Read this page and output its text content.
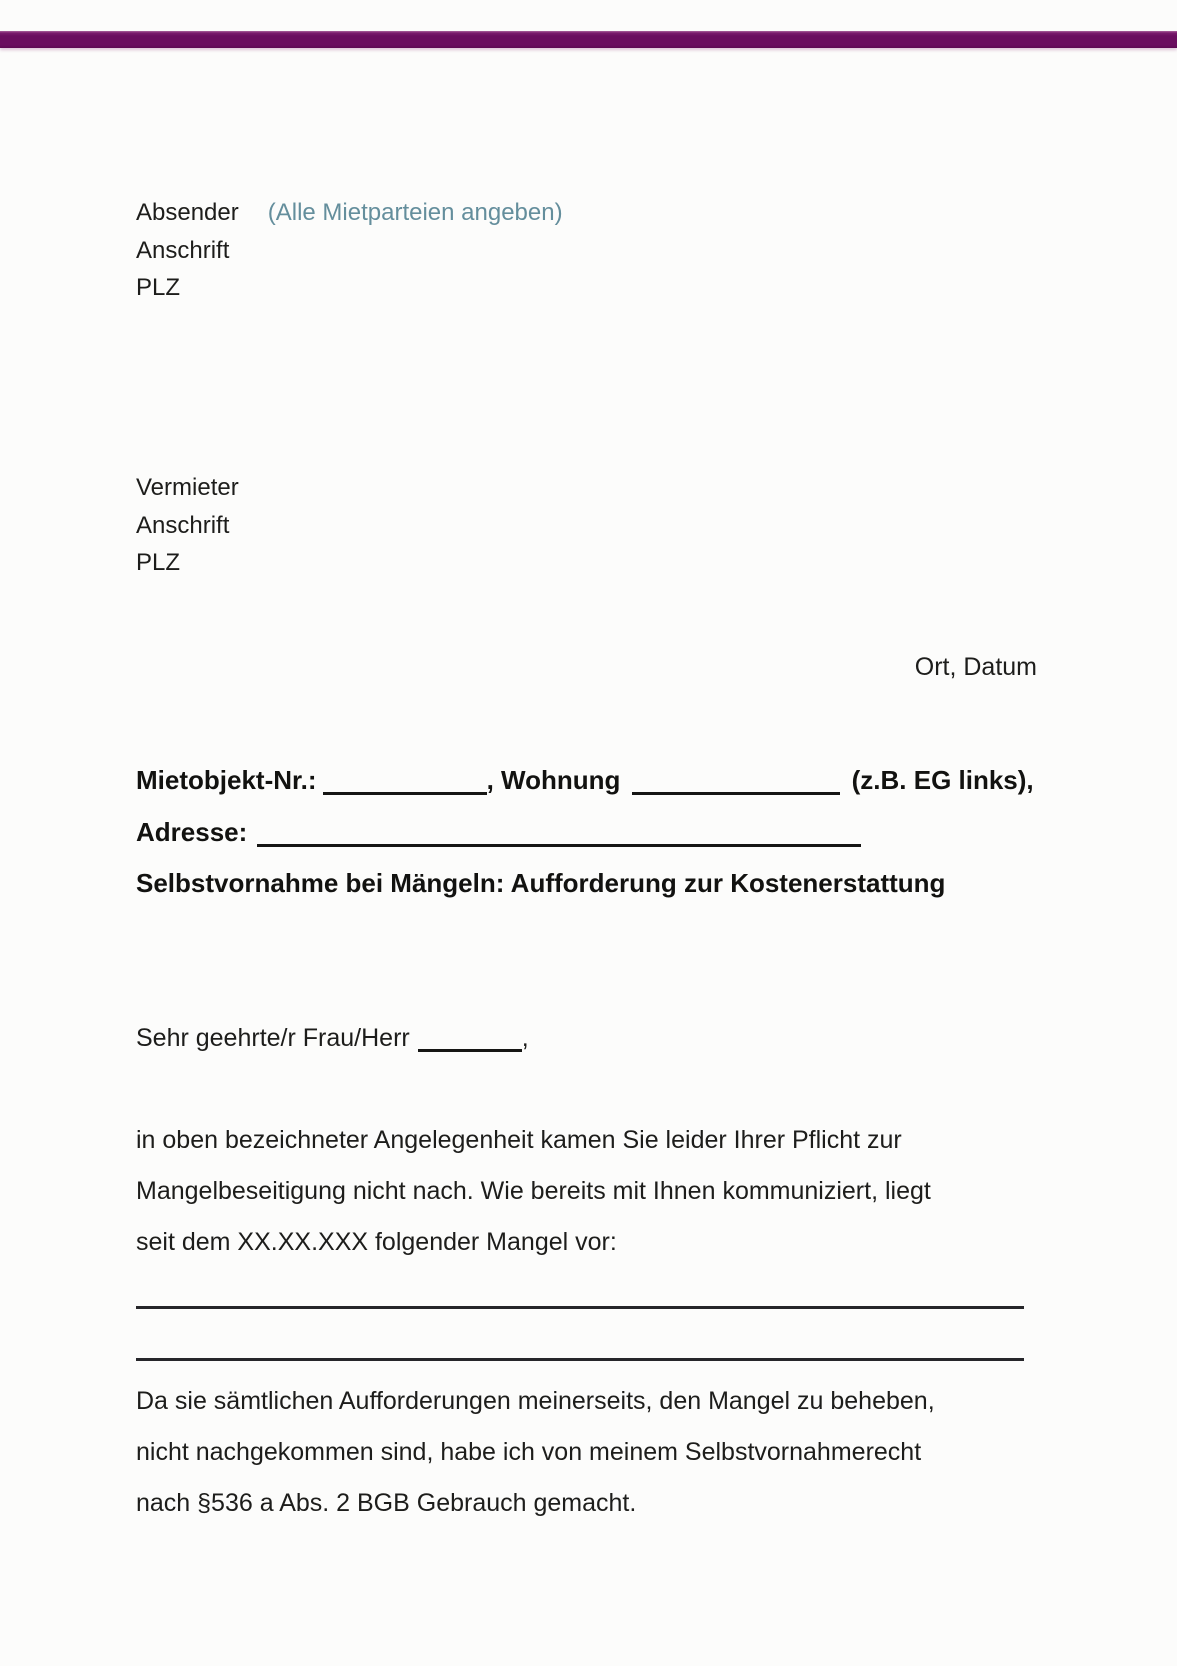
Absender (Alle Mietparteien angeben)
Anschrift
PLZ
Vermieter
Anschrift
PLZ
Ort, Datum
Mietobjekt-Nr.:	, Wohnung	(z.B. EG links),
Adresse:
Selbstvornahme bei Mängeln: Aufforderung zur Kostenerstattung
Sehr geehrte/r Frau/Herr	,
in oben bezeichneter Angelegenheit kamen Sie leider Ihrer Pflicht zur
Mangelbeseitigung nicht nach. Wie bereits mit Ihnen kommuniziert, liegt
seit dem XX.XX.XXX folgender Mangel vor:
Da sie sämtlichen Aufforderungen meinerseits, den Mangel zu beheben,
nicht nachgekommen sind, habe ich von meinem Selbstvornahmerecht
nach §536 a Abs. 2 BGB Gebrauch gemacht.
